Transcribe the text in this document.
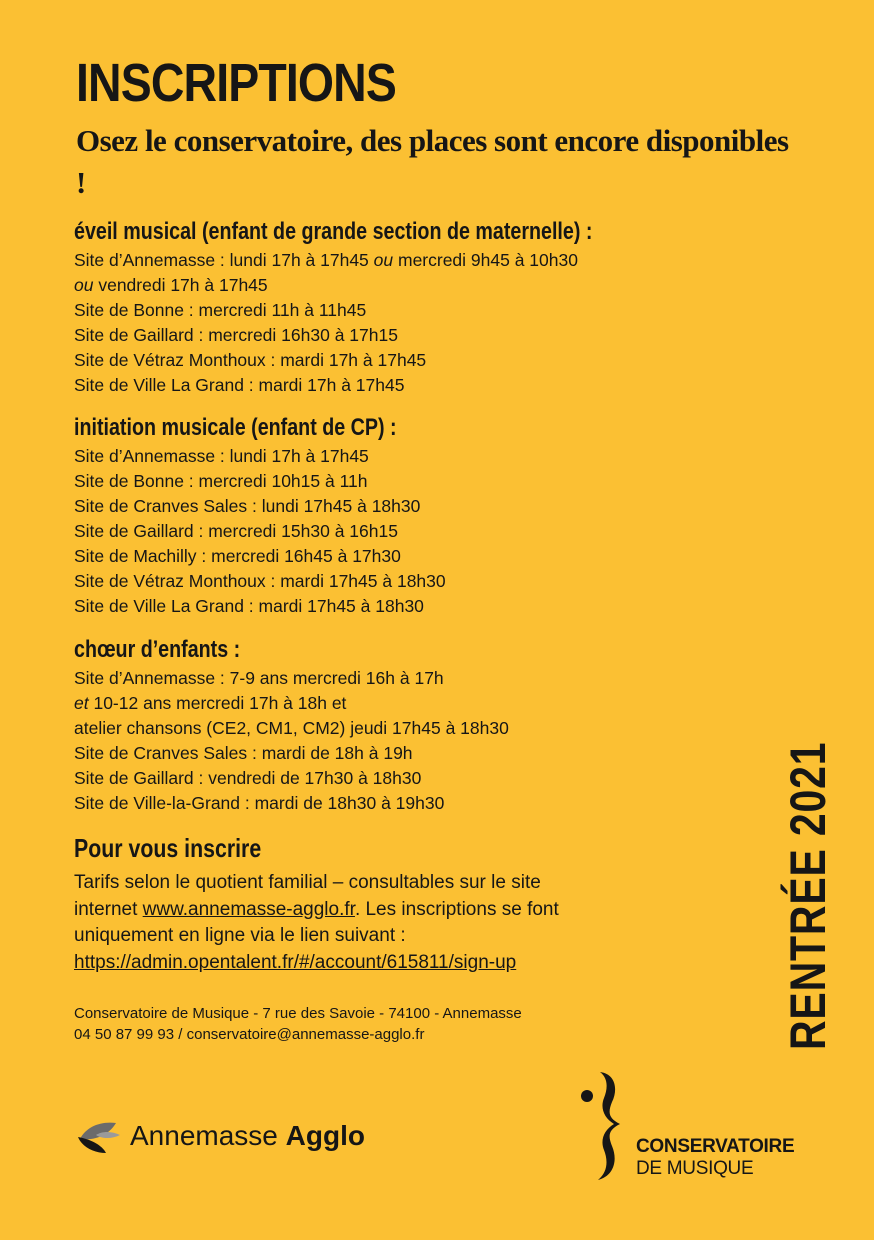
INSCRIPTIONS
Osez le conservatoire, des places sont encore disponibles !
éveil musical (enfant de grande section de maternelle) :
Site d’Annemasse : lundi 17h à 17h45 ou mercredi 9h45 à 10h30
ou vendredi 17h à 17h45
Site de Bonne : mercredi 11h à 11h45
Site de Gaillard : mercredi 16h30 à 17h15
Site de Vétraz Monthoux : mardi 17h à 17h45
Site de Ville La Grand : mardi 17h à 17h45
initiation musicale (enfant de CP) :
Site d’Annemasse : lundi 17h à 17h45
Site de Bonne : mercredi 10h15 à 11h
Site de Cranves Sales : lundi 17h45 à 18h30
Site de Gaillard : mercredi 15h30 à 16h15
Site de Machilly : mercredi 16h45 à 17h30
Site de Vétraz Monthoux : mardi 17h45 à 18h30
Site de Ville La Grand : mardi 17h45 à 18h30
chœur d’enfants :
Site d’Annemasse : 7-9 ans mercredi 16h à 17h
et 10-12 ans mercredi 17h à 18h et
atelier chansons (CE2, CM1, CM2) jeudi 17h45 à 18h30
Site de Cranves Sales : mardi de 18h à 19h
Site de Gaillard : vendredi de 17h30 à 18h30
Site de Ville-la-Grand : mardi de 18h30 à 19h30
Pour vous inscrire
Tarifs selon le quotient familial – consultables sur le site
internet www.annemasse-agglo.fr. Les inscriptions se font
uniquement en ligne via le lien suivant :
https://admin.opentalent.fr/#/account/615811/sign-up
Conservatoire de Musique - 7 rue des Savoie - 74100 - Annemasse
04 50 87 99 93 / conservatoire@annemasse-agglo.fr	RENTRÉE 2021
Annemasse Agglo	CONSERVATOIRE
DE MUSIQUE
